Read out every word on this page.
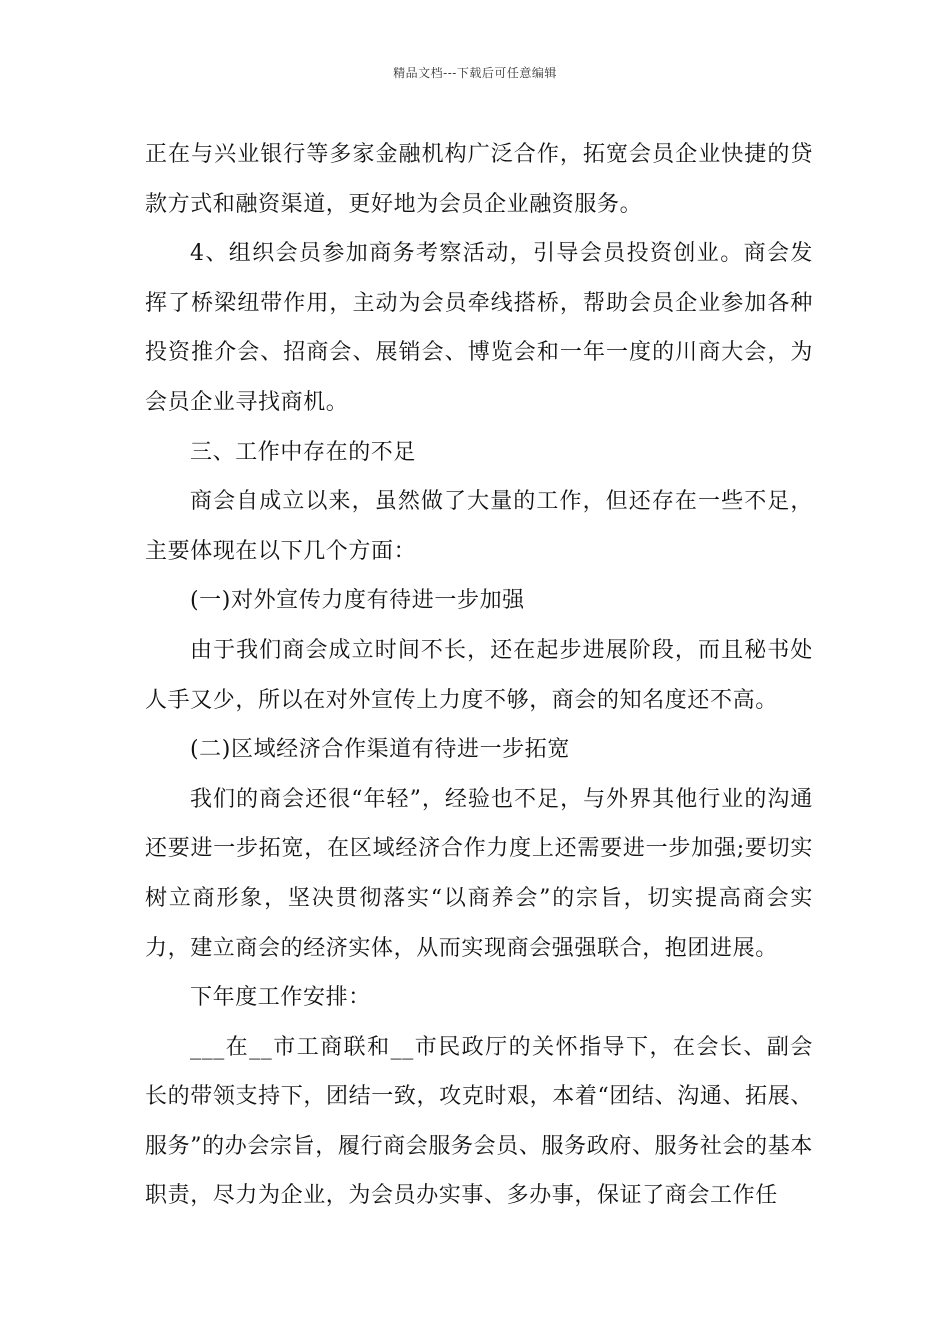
精品文档---下载后可任意编辑

正在与兴业银行等多家金融机构广泛合作，拓宽会员企业快捷的贷款方式和融资渠道，更好地为会员企业融资服务。

4、组织会员参加商务考察活动，引导会员投资创业。商会发挥了桥梁纽带作用，主动为会员牵线搭桥，帮助会员企业参加各种投资推介会、招商会、展销会、博览会和一年一度的川商大会，为会员企业寻找商机。

三、工作中存在的不足

商会自成立以来，虽然做了大量的工作，但还存在一些不足，主要体现在以下几个方面：

(一)对外宣传力度有待进一步加强

由于我们商会成立时间不长，还在起步进展阶段，而且秘书处人手又少，所以在对外宣传上力度不够，商会的知名度还不高。

(二)区域经济合作渠道有待进一步拓宽

我们的商会还很“年轻”，经验也不足，与外界其他行业的沟通还要进一步拓宽，在区域经济合作力度上还需要进一步加强;要切实树立商形象，坚决贯彻落实“以商养会”的宗旨，切实提高商会实力，建立商会的经济实体，从而实现商会强强联合，抱团进展。

下年度工作安排：

___在__市工商联和__市民政厅的关怀指导下，在会长、副会长的带领支持下，团结一致，攻克时艰，本着“团结、沟通、拓展、服务”的办会宗旨，履行商会服务会员、服务政府、服务社会的基本职责，尽力为企业，为会员办实事、多办事，保证了商会工作任
